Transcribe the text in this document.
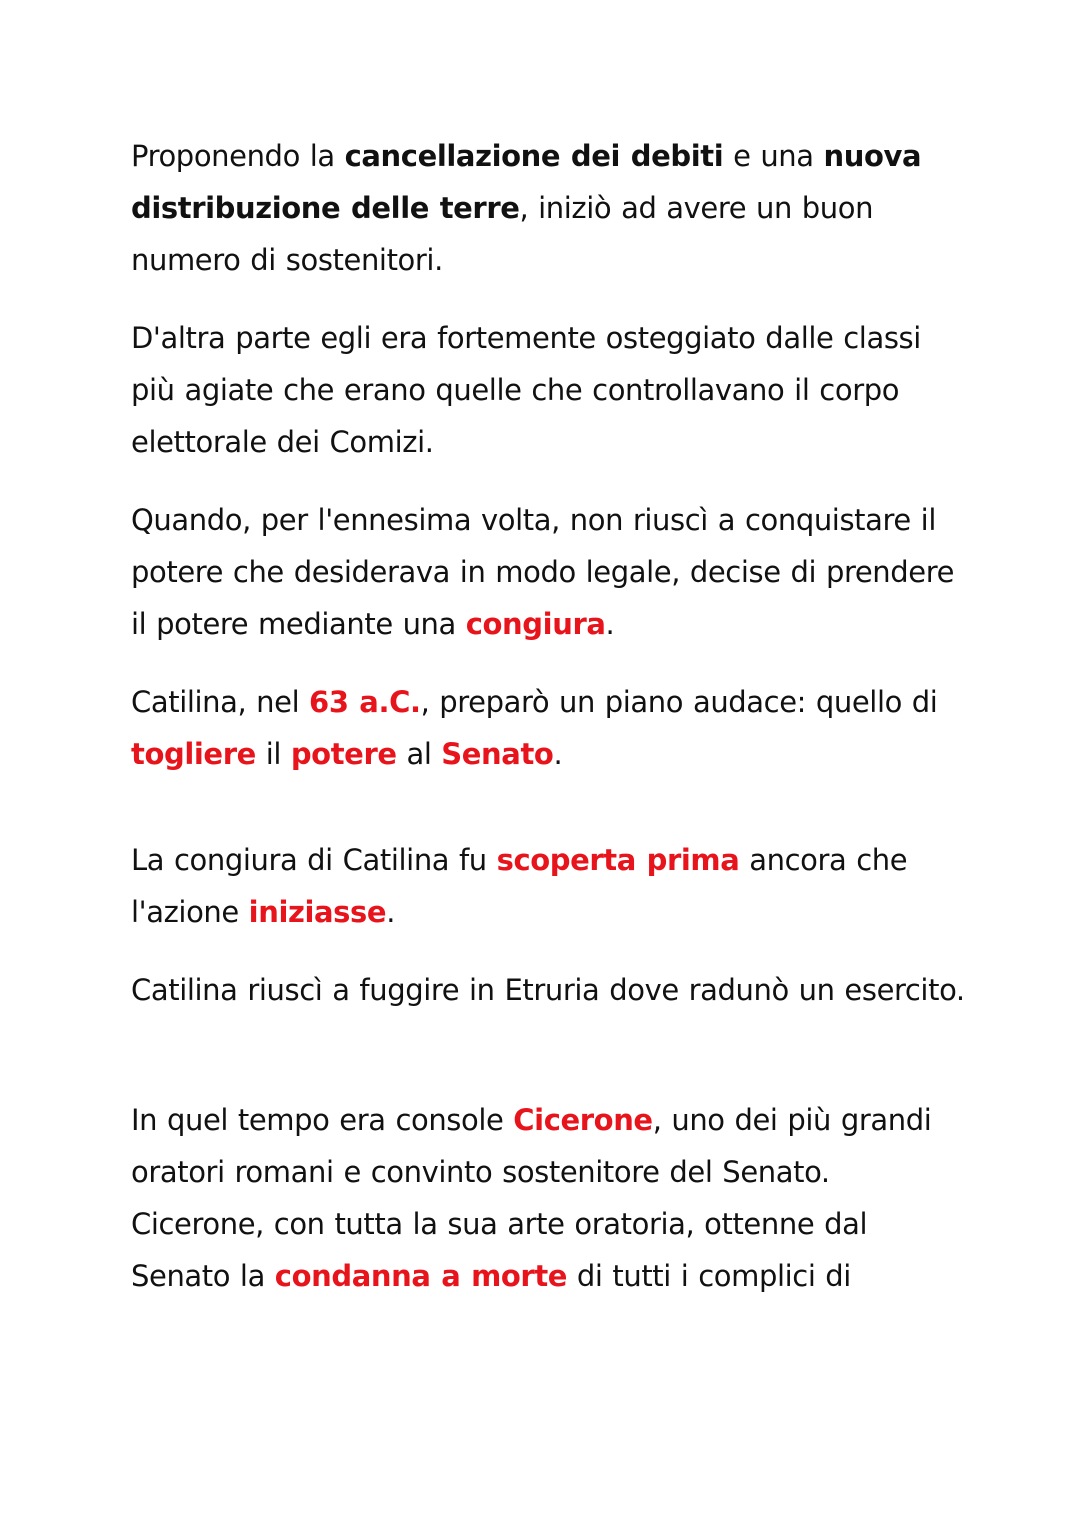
Proponendo la cancellazione dei debiti e una nuova distribuzione delle terre, iniziò ad avere un buon numero di sostenitori.

D'altra parte egli era fortemente osteggiato dalle classi più agiate che erano quelle che controllavano il corpo elettorale dei Comizi.

Quando, per l'ennesima volta, non riuscì a conquistare il potere che desiderava in modo legale, decise di prendere il potere mediante una congiura.

Catilina, nel 63 a.C., preparò un piano audace: quello di togliere il potere al Senato.

La congiura di Catilina fu scoperta prima ancora che l'azione iniziasse.

Catilina riuscì a fuggire in Etruria dove radunò un esercito.

In quel tempo era console Cicerone, uno dei più grandi oratori romani e convinto sostenitore del Senato. Cicerone, con tutta la sua arte oratoria, ottenne dal Senato la condanna a morte di tutti i complici di
